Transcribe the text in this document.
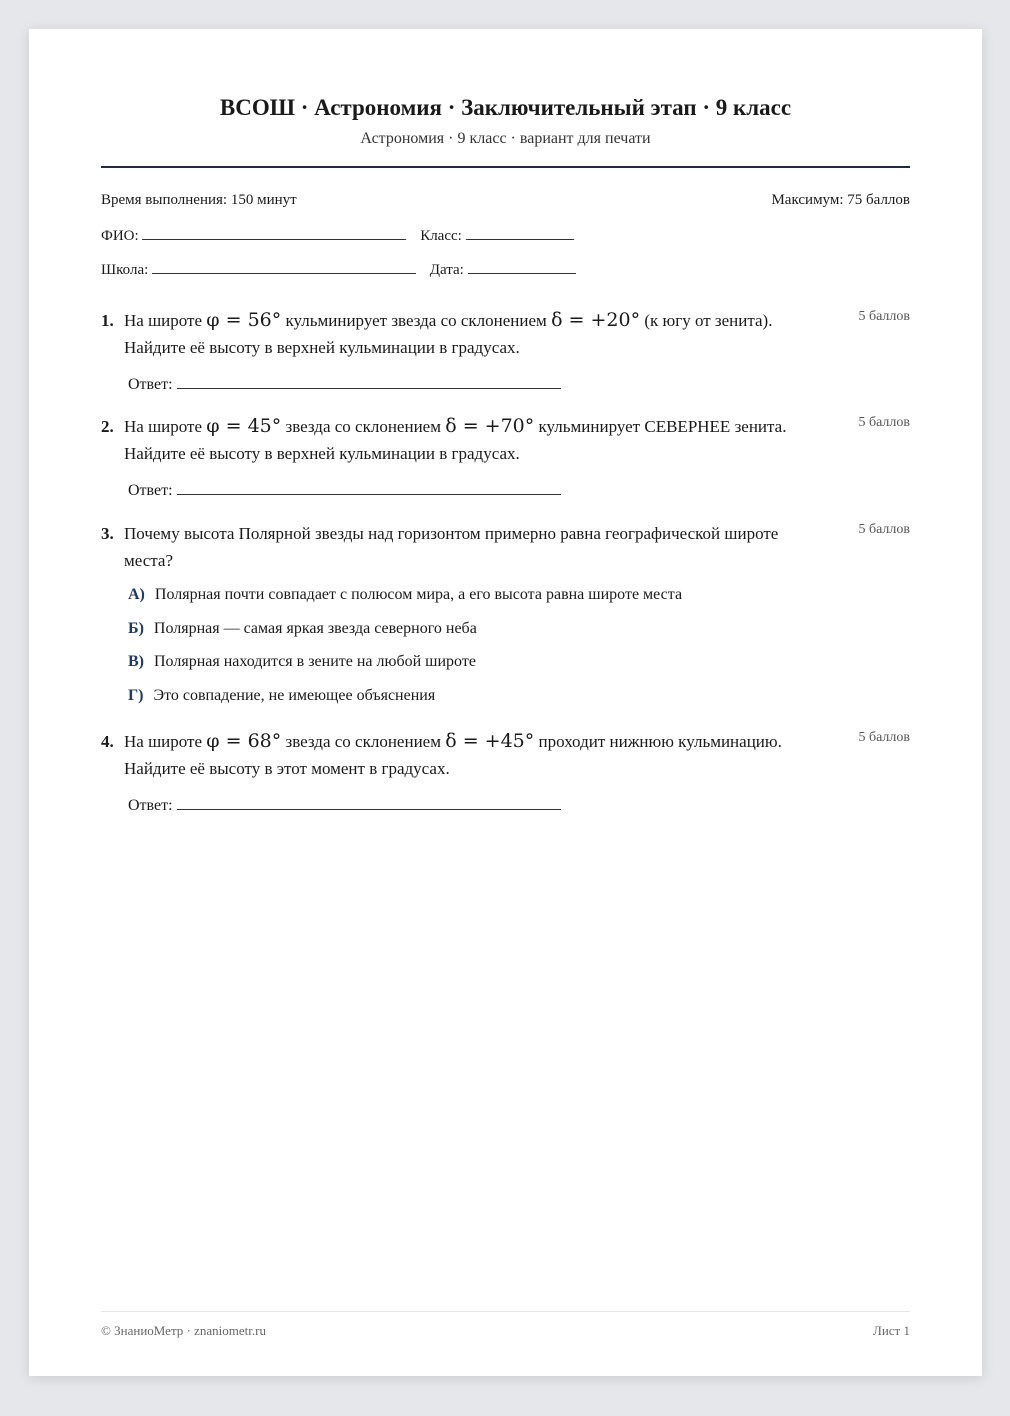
ВСОШ · Астрономия · Заключительный этап · 9 класс
Астрономия · 9 класс · вариант для печати
Время выполнения: 150 минут	Максимум: 75 баллов
ФИО:	Класс:
Школа:	Дата:
1. На широте φ = 56° кульминирует звезда со склонением δ = +20° (к югу от зенита).
Найдите её высоту в верхней кульминации в градусах.
5 баллов
Ответ:
2. На широте φ = 45° звезда со склонением δ = +70° кульминирует СЕВЕРНЕЕ зенита.
Найдите её высоту в верхней кульминации в градусах.
5 баллов
Ответ:
3. Почему высота Полярной звезды над горизонтом примерно равна географической широте
места?
5 баллов
А) Полярная почти совпадает с полюсом мира, а его высота равна широте места
Б) Полярная — самая яркая звезда северного неба
В) Полярная находится в зените на любой широте
Г) Это совпадение, не имеющее объяснения
4. На широте φ = 68° звезда со склонением δ = +45° проходит нижнюю кульминацию.
Найдите её высоту в этот момент в градусах.
5 баллов
Ответ:
© ЗнаниоМетр · znaniometr.ru	Лист 1
